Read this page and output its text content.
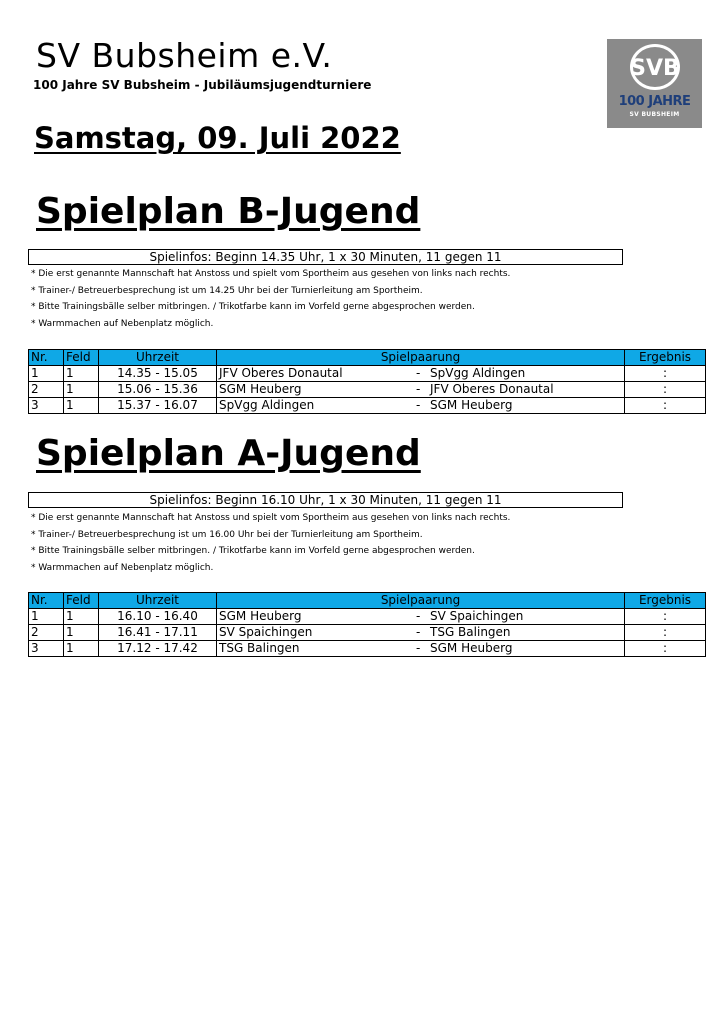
SV Bubsheim e.V.
100 Jahre SV Bubsheim - Jubiläumsjugendturniere
SVB
100 JAHRE
SV BUBSHEIM
Samstag, 09. Juli 2022
Spielplan B-Jugend
Spielinfos: Beginn 14.35 Uhr, 1 x 30 Minuten, 11 gegen 11
* Die erst genannte Mannschaft hat Anstoss und spielt vom Sportheim aus gesehen von links nach rechts.
* Trainer-/ Betreuerbesprechung ist um 14.25 Uhr bei der Turnierleitung am Sportheim.
* Bitte Trainingsbälle selber mitbringen. / Trikotfarbe kann im Vorfeld gerne abgesprochen werden.
* Warmmachen auf Nebenplatz möglich.
Nr.	Feld	Uhrzeit	Spielpaarung	Ergebnis
1	1	14.35 - 15.05	JFV Oberes Donautal - SpVgg Aldingen	:
2	1	15.06 - 15.36	SGM Heuberg - JFV Oberes Donautal	:
3	1	15.37 - 16.07	SpVgg Aldingen - SGM Heuberg	:
Spielplan A-Jugend
Spielinfos: Beginn 16.10 Uhr, 1 x 30 Minuten, 11 gegen 11
* Die erst genannte Mannschaft hat Anstoss und spielt vom Sportheim aus gesehen von links nach rechts.
* Trainer-/ Betreuerbesprechung ist um 16.00 Uhr bei der Turnierleitung am Sportheim.
* Bitte Trainingsbälle selber mitbringen. / Trikotfarbe kann im Vorfeld gerne abgesprochen werden.
* Warmmachen auf Nebenplatz möglich.
Nr.	Feld	Uhrzeit	Spielpaarung	Ergebnis
1	1	16.10 - 16.40	SGM Heuberg - SV Spaichingen	:
2	1	16.41 - 17.11	SV Spaichingen - TSG Balingen	:
3	1	17.12 - 17.42	TSG Balingen - SGM Heuberg	:
